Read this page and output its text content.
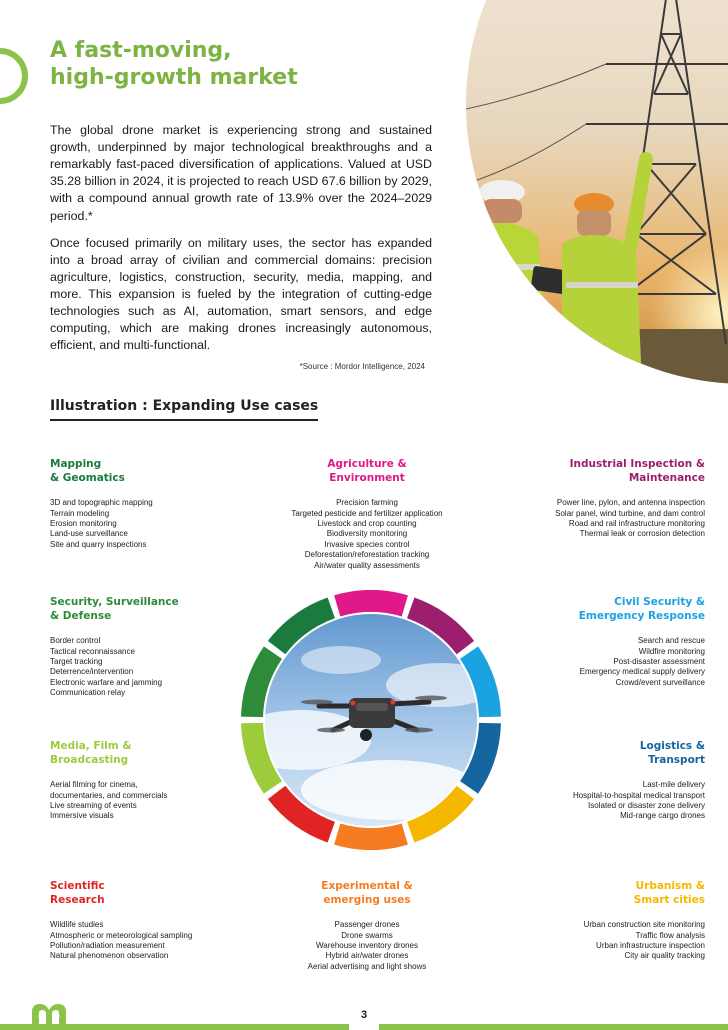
A fast-moving,
high-growth market

The global drone market is experiencing strong and sustained growth, underpinned by major technological breakthroughs and a remarkably fast-paced diversification of applications. Valued at USD 35.28 billion in 2024, it is projected to reach USD 67.6 billion by 2029, with a compound annual growth rate of 13.9% over the 2024–2029 period.*

Once focused primarily on military uses, the sector has expanded into a broad array of civilian and commercial domains: precision agriculture, logistics, construction, security, media, mapping, and more. This expansion is fueled by the integration of cutting-edge technologies such as AI, automation, smart sensors, and edge computing, which are making drones increasingly autonomous, efficient, and multi-functional.

*Source : Mordor Intelligence, 2024
Illustration : Expanding Use cases
Mapping
& Geomatics
3D and topographic mapping
Terrain modeling
Erosion monitoring
Land-use surveillance
Site and quarry inspections
Agriculture &
Environment
Precision farming
Targeted pesticide and fertilizer application
Livestock and crop counting
Biodiversity monitoring
Invasive species control
Deforestation/reforestation tracking
Air/water quality assessments
Industrial Inspection &
Maintenance
Power line, pylon, and antenna inspection
Solar panel, wind turbine, and dam control
Road and rail infrastructure monitoring
Thermal leak or corrosion detection
Security, Surveillance
& Defense
Border control
Tactical reconnaissance
Target tracking
Deterrence/intervention
Electronic warfare and jamming
Communication relay
Civil Security &
Emergency Response
Search and rescue
Wildfire monitoring
Post-disaster assessment
Emergency medical supply delivery
Crowd/event surveillance
Media, Film &
Broadcasting
Aerial filming for cinema,
documentaries, and commercials
Live streaming of events
Immersive visuals
Logistics &
Transport
Last-mile delivery
Hospital-to-hospital medical transport
Isolated or disaster zone delivery
Mid-range cargo drones
Scientific
Research
Wildlife studies
Atmospheric or meteorological sampling
Pollution/radiation measurement
Natural phenomenon observation
Experimental &
emerging uses
Passenger drones
Drone swarms
Warehouse inventory drones
Hybrid air/water drones
Aerial advertising and light shows
Urbanism &
Smart cities
Urban construction site monitoring
Traffic flow analysis
Urban infrastructure inspection
City air quality tracking
3
